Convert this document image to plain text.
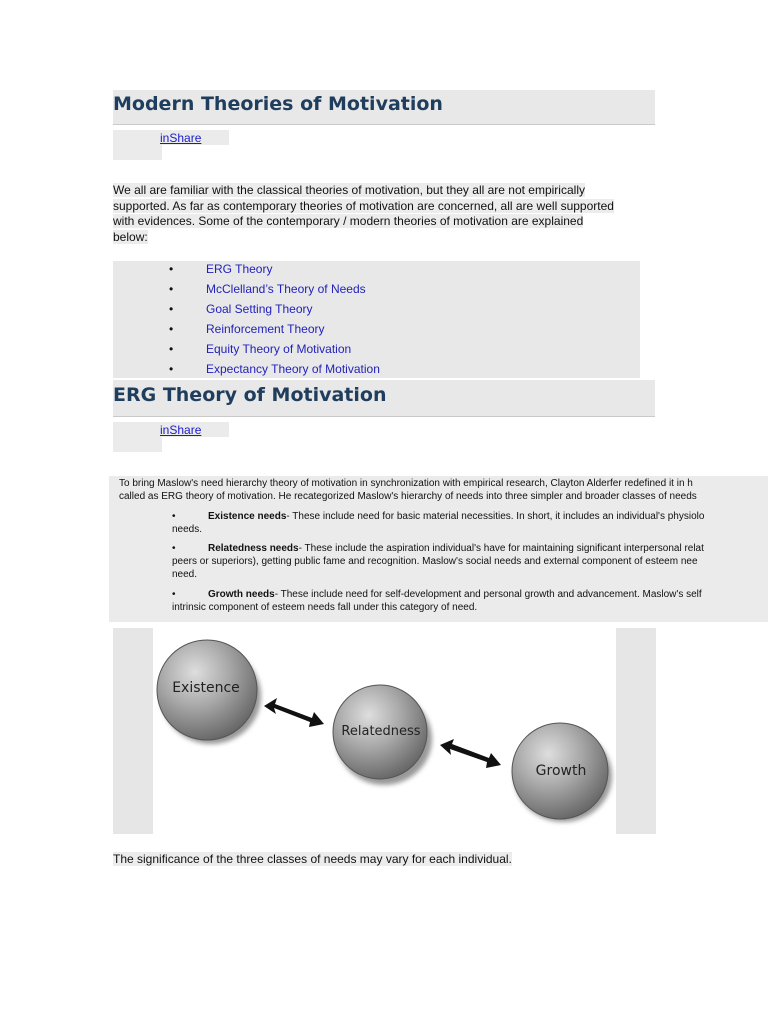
Modern Theories of Motivation
inShare
We all are familiar with the classical theories of motivation, but they all are not empirically
supported. As far as contemporary theories of motivation are concerned, all are well supported
with evidences. Some of the contemporary / modern theories of motivation are explained
below:
•	ERG Theory
•	McClelland’s Theory of Needs
•	Goal Setting Theory
•	Reinforcement Theory
•	Equity Theory of Motivation
•	Expectancy Theory of Motivation
ERG Theory of Motivation
inShare

To bring Maslow's need hierarchy theory of motivation in synchronization with empirical research, Clayton Alderfer redefined it in h

called as ERG theory of motivation. He recategorized Maslow's hierarchy of needs into three simpler and broader classes of needs

•	Existence needs- These include need for basic material necessities. In short, it includes an individual's physiolo
needs.
•	Relatedness needs- These include the aspiration individual's have for maintaining significant interpersonal relat
peers or superiors), getting public fame and recognition. Maslow's social needs and external component of esteem nee
need.
•	Growth needs- These include need for self-development and personal growth and advancement. Maslow's self
intrinsic component of esteem needs fall under this category of need.
Existence
Relatedness
Growth
The significance of the three classes of needs may vary for each individual.
